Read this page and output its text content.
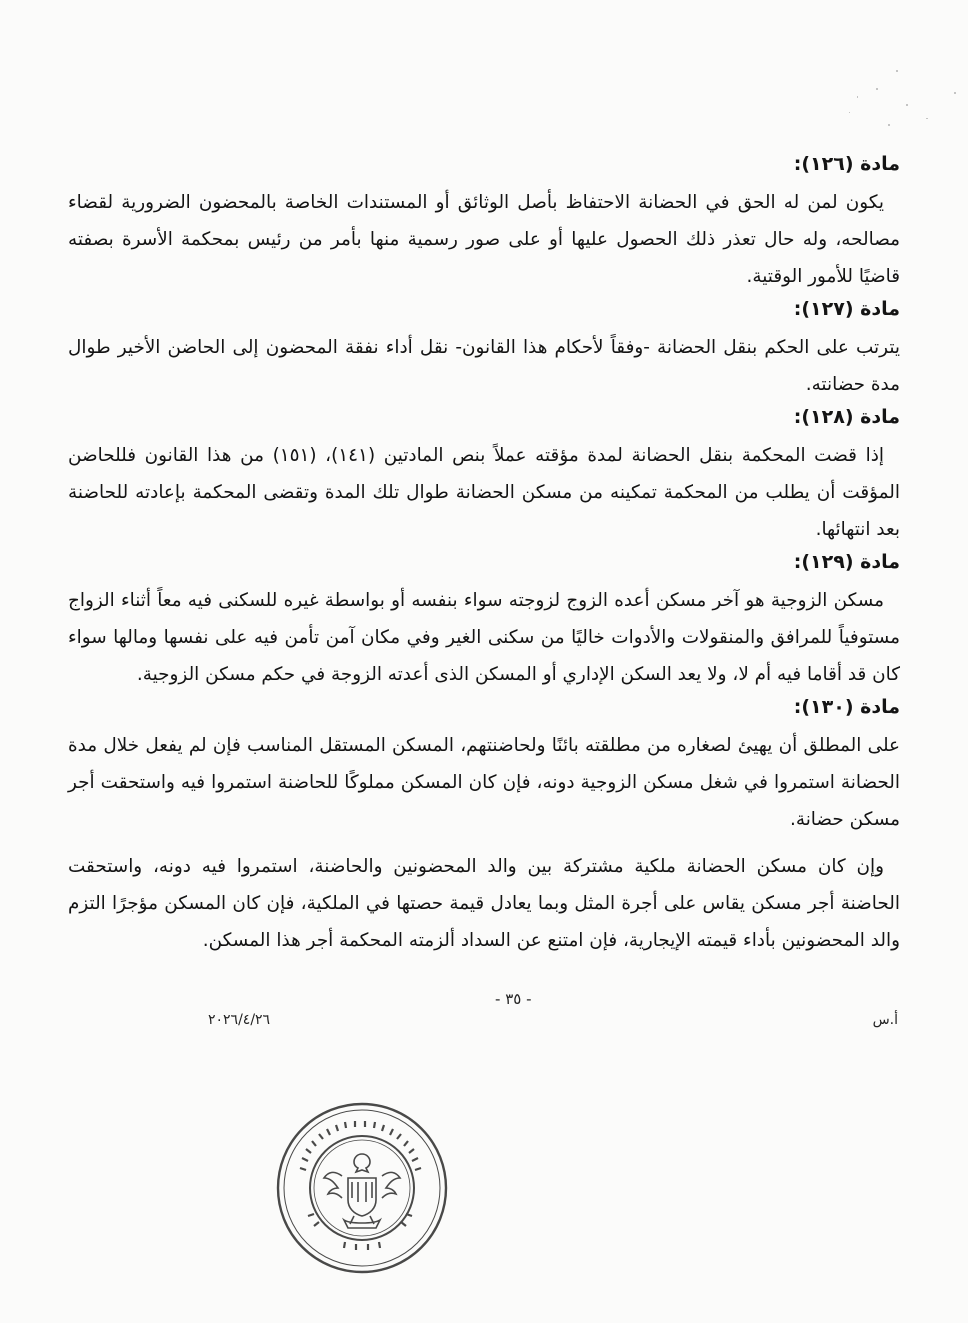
مادة (١٢٦):

يكون لمن له الحق في الحضانة الاحتفاظ بأصل الوثائق أو المستندات الخاصة بالمحضون الضرورية لقضاء مصالحه، وله حال تعذر ذلك الحصول عليها أو على صور رسمية منها بأمر من رئيس بمحكمة الأسرة بصفته قاضيًا للأمور الوقتية.

مادة (١٢٧):

يترتب على الحكم بنقل الحضانة -وفقاً لأحكام هذا القانون- نقل أداء نفقة المحضون إلى الحاضن الأخير طوال مدة حضانته.

مادة (١٢٨):

إذا قضت المحكمة بنقل الحضانة لمدة مؤقته عملاً بنص المادتين (١٤١)، (١٥١) من هذا القانون فللحاضن المؤقت أن يطلب من المحكمة تمكينه من مسكن الحضانة طوال تلك المدة وتقضى المحكمة بإعادته للحاضنة بعد انتهائها.

مادة (١٢٩):

مسكن الزوجية هو آخر مسكن أعده الزوج لزوجته سواء بنفسه أو بواسطة غيره للسكنى فيه معاً أثناء الزواج مستوفياً للمرافق والمنقولات والأدوات خاليًا من سكنى الغير وفي مكان آمن تأمن فيه على نفسها ومالها سواء كان قد أقاما فيه أم لا، ولا يعد السكن الإداري أو المسكن الذى أعدته الزوجة في حكم مسكن الزوجية.

مادة (١٣٠):

على المطلق أن يهيئ لصغاره من مطلقته بائنًا ولحاضنتهم، المسكن المستقل المناسب فإن لم يفعل خلال مدة الحضانة استمروا في شغل مسكن الزوجية دونه، فإن كان المسكن مملوكًا للحاضنة استمروا فيه واستحقت أجر مسكن حضانة.

وإن كان مسكن الحضانة ملكية مشتركة بين والد المحضونين والحاضنة، استمروا فيه دونه، واستحقت الحاضنة أجر مسكن يقاس على أجرة المثل وبما يعادل قيمة حصتها في الملكية، فإن كان المسكن مؤجرًا التزم والد المحضونين بأداء قيمته الإيجارية، فإن امتنع عن السداد ألزمته المحكمة أجر هذا المسكن.

- ٣٥ -
٢٠٢٦/٤/٢٦	أ.س
